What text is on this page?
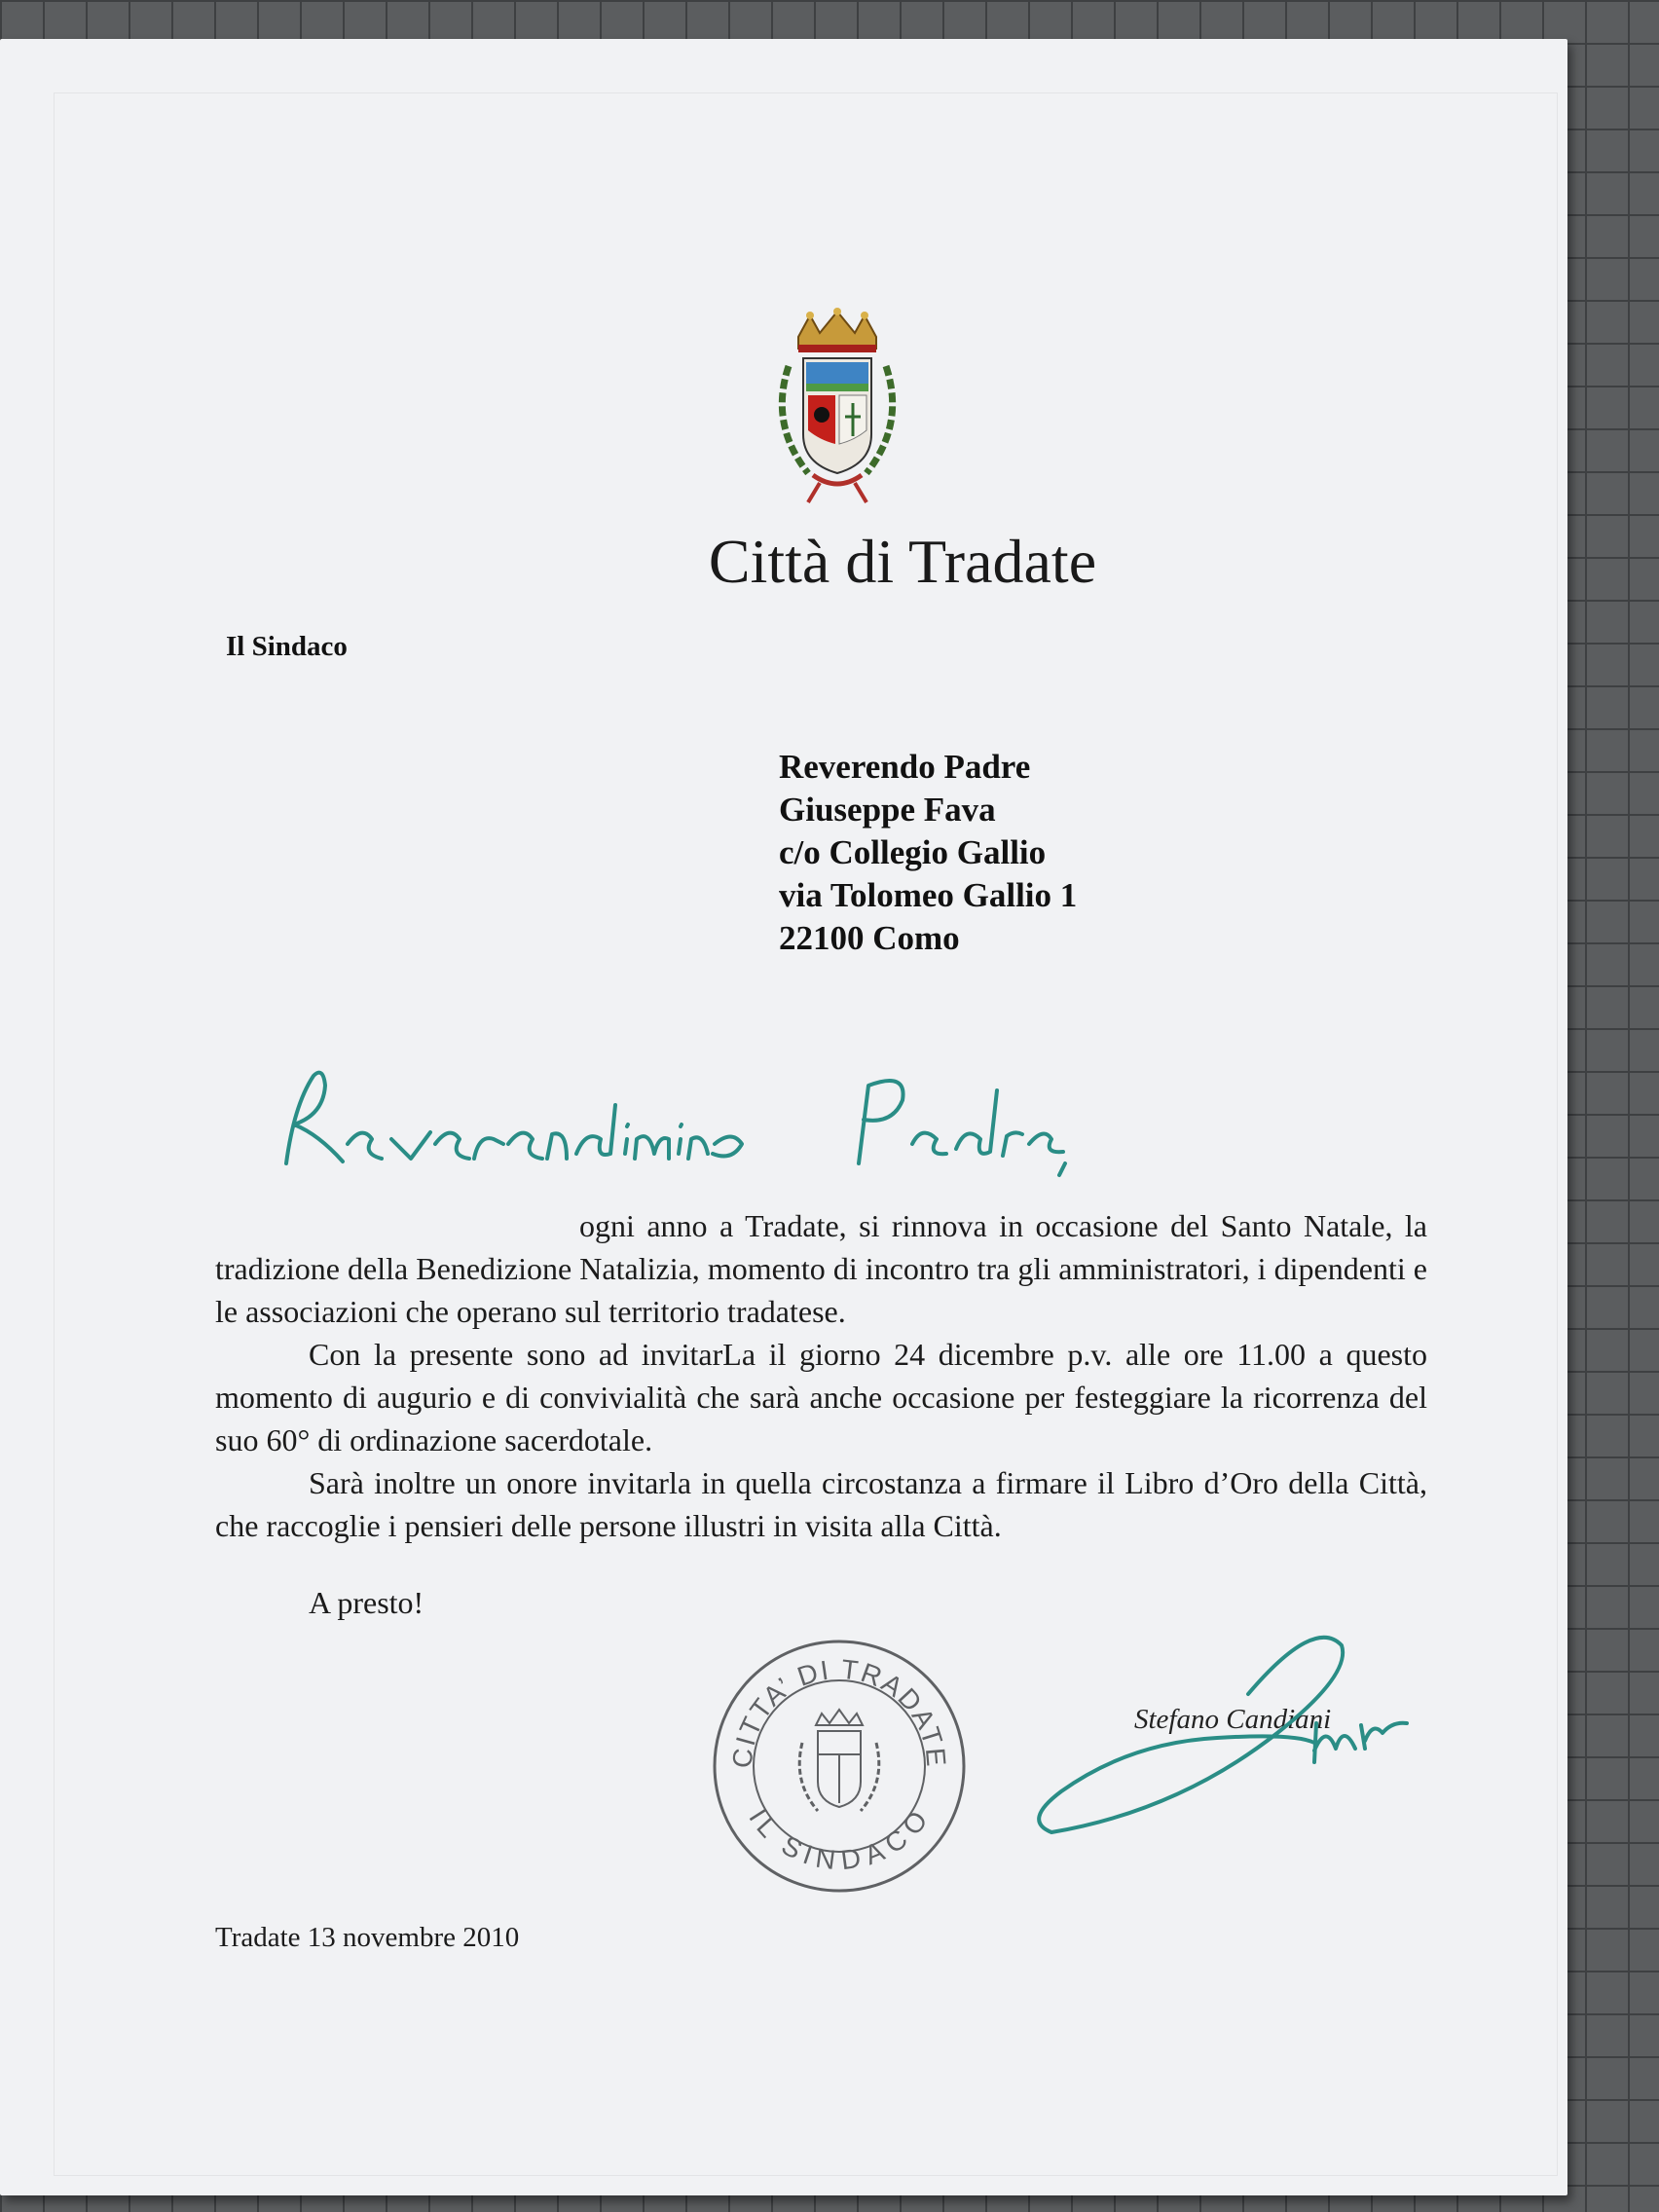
Città di Tradate
Il Sindaco
Reverendo Padre
Giuseppe Fava
c/o Collegio Gallio
via Tolomeo Gallio 1
22100 Como

ogni anno a Tradate, si rinnova in occasione del Santo Natale, la tradizione della Benedizione Natalizia, momento di incontro tra gli amministratori, i dipendenti e le associazioni che operano sul territorio tradatese.

Con la presente sono ad invitarLa il giorno 24 dicembre p.v. alle ore 11.00 a questo momento di augurio e di convivialità che sarà anche occasione per festeggiare la ricorrenza del suo 60° di ordinazione sacerdotale.

Sarà inoltre un onore invitarla in quella circostanza a firmare il Libro d’Oro della Città, che raccoglie i pensieri delle persone illustri in visita alla Città.

A presto!
CITTA’ DI TRADATE
IL SINDACO
Stefano Candiani
Tradate 13 novembre 2010
